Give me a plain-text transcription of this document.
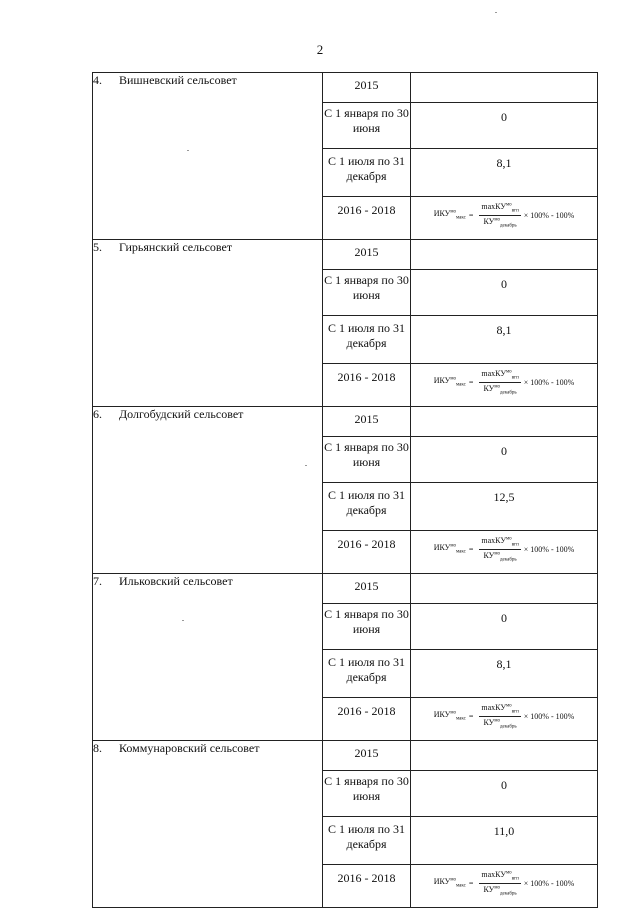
2
4. Вишневский сельсовет	2015	
	С 1 января по 30 июня	0
	С 1 июля по 31 декабря	8,1
	2016 - 2018	$ИКУ^{мо}_{макс} = \frac{\max КУ^{мо}_{вгп}}{КУ^{мо}_{декабрь}} \times 100\% - 100\%$

5. Гирьянский сельсовет	2015	
	С 1 января по 30 июня	0
	С 1 июля по 31 декабря	8,1
	2016 - 2018	$ИКУ^{мо}_{макс} = \frac{\max КУ^{мо}_{вгп}}{КУ^{мо}_{декабрь}} \times 100\% - 100\%$

6. Долгобудский сельсовет	2015	
	С 1 января по 30 июня	0
	С 1 июля по 31 декабря	12,5
	2016 - 2018	$ИКУ^{мо}_{макс} = \frac{\max КУ^{мо}_{вгп}}{КУ^{мо}_{декабрь}} \times 100\% - 100\%$

7. Ильковский сельсовет	2015	
	С 1 января по 30 июня	0
	С 1 июля по 31 декабря	8,1
	2016 - 2018	$ИКУ^{мо}_{макс} = \frac{\max КУ^{мо}_{вгп}}{КУ^{мо}_{декабрь}} \times 100\% - 100\%$

8. Коммунаровский сельсовет	2015	
	С 1 января по 30 июня	0
	С 1 июля по 31 декабря	11,0
	2016 - 2018	$ИКУ^{мо}_{макс} = \frac{\max КУ^{мо}_{вгп}}{КУ^{мо}_{декабрь}} \times 100\% - 100\%$
